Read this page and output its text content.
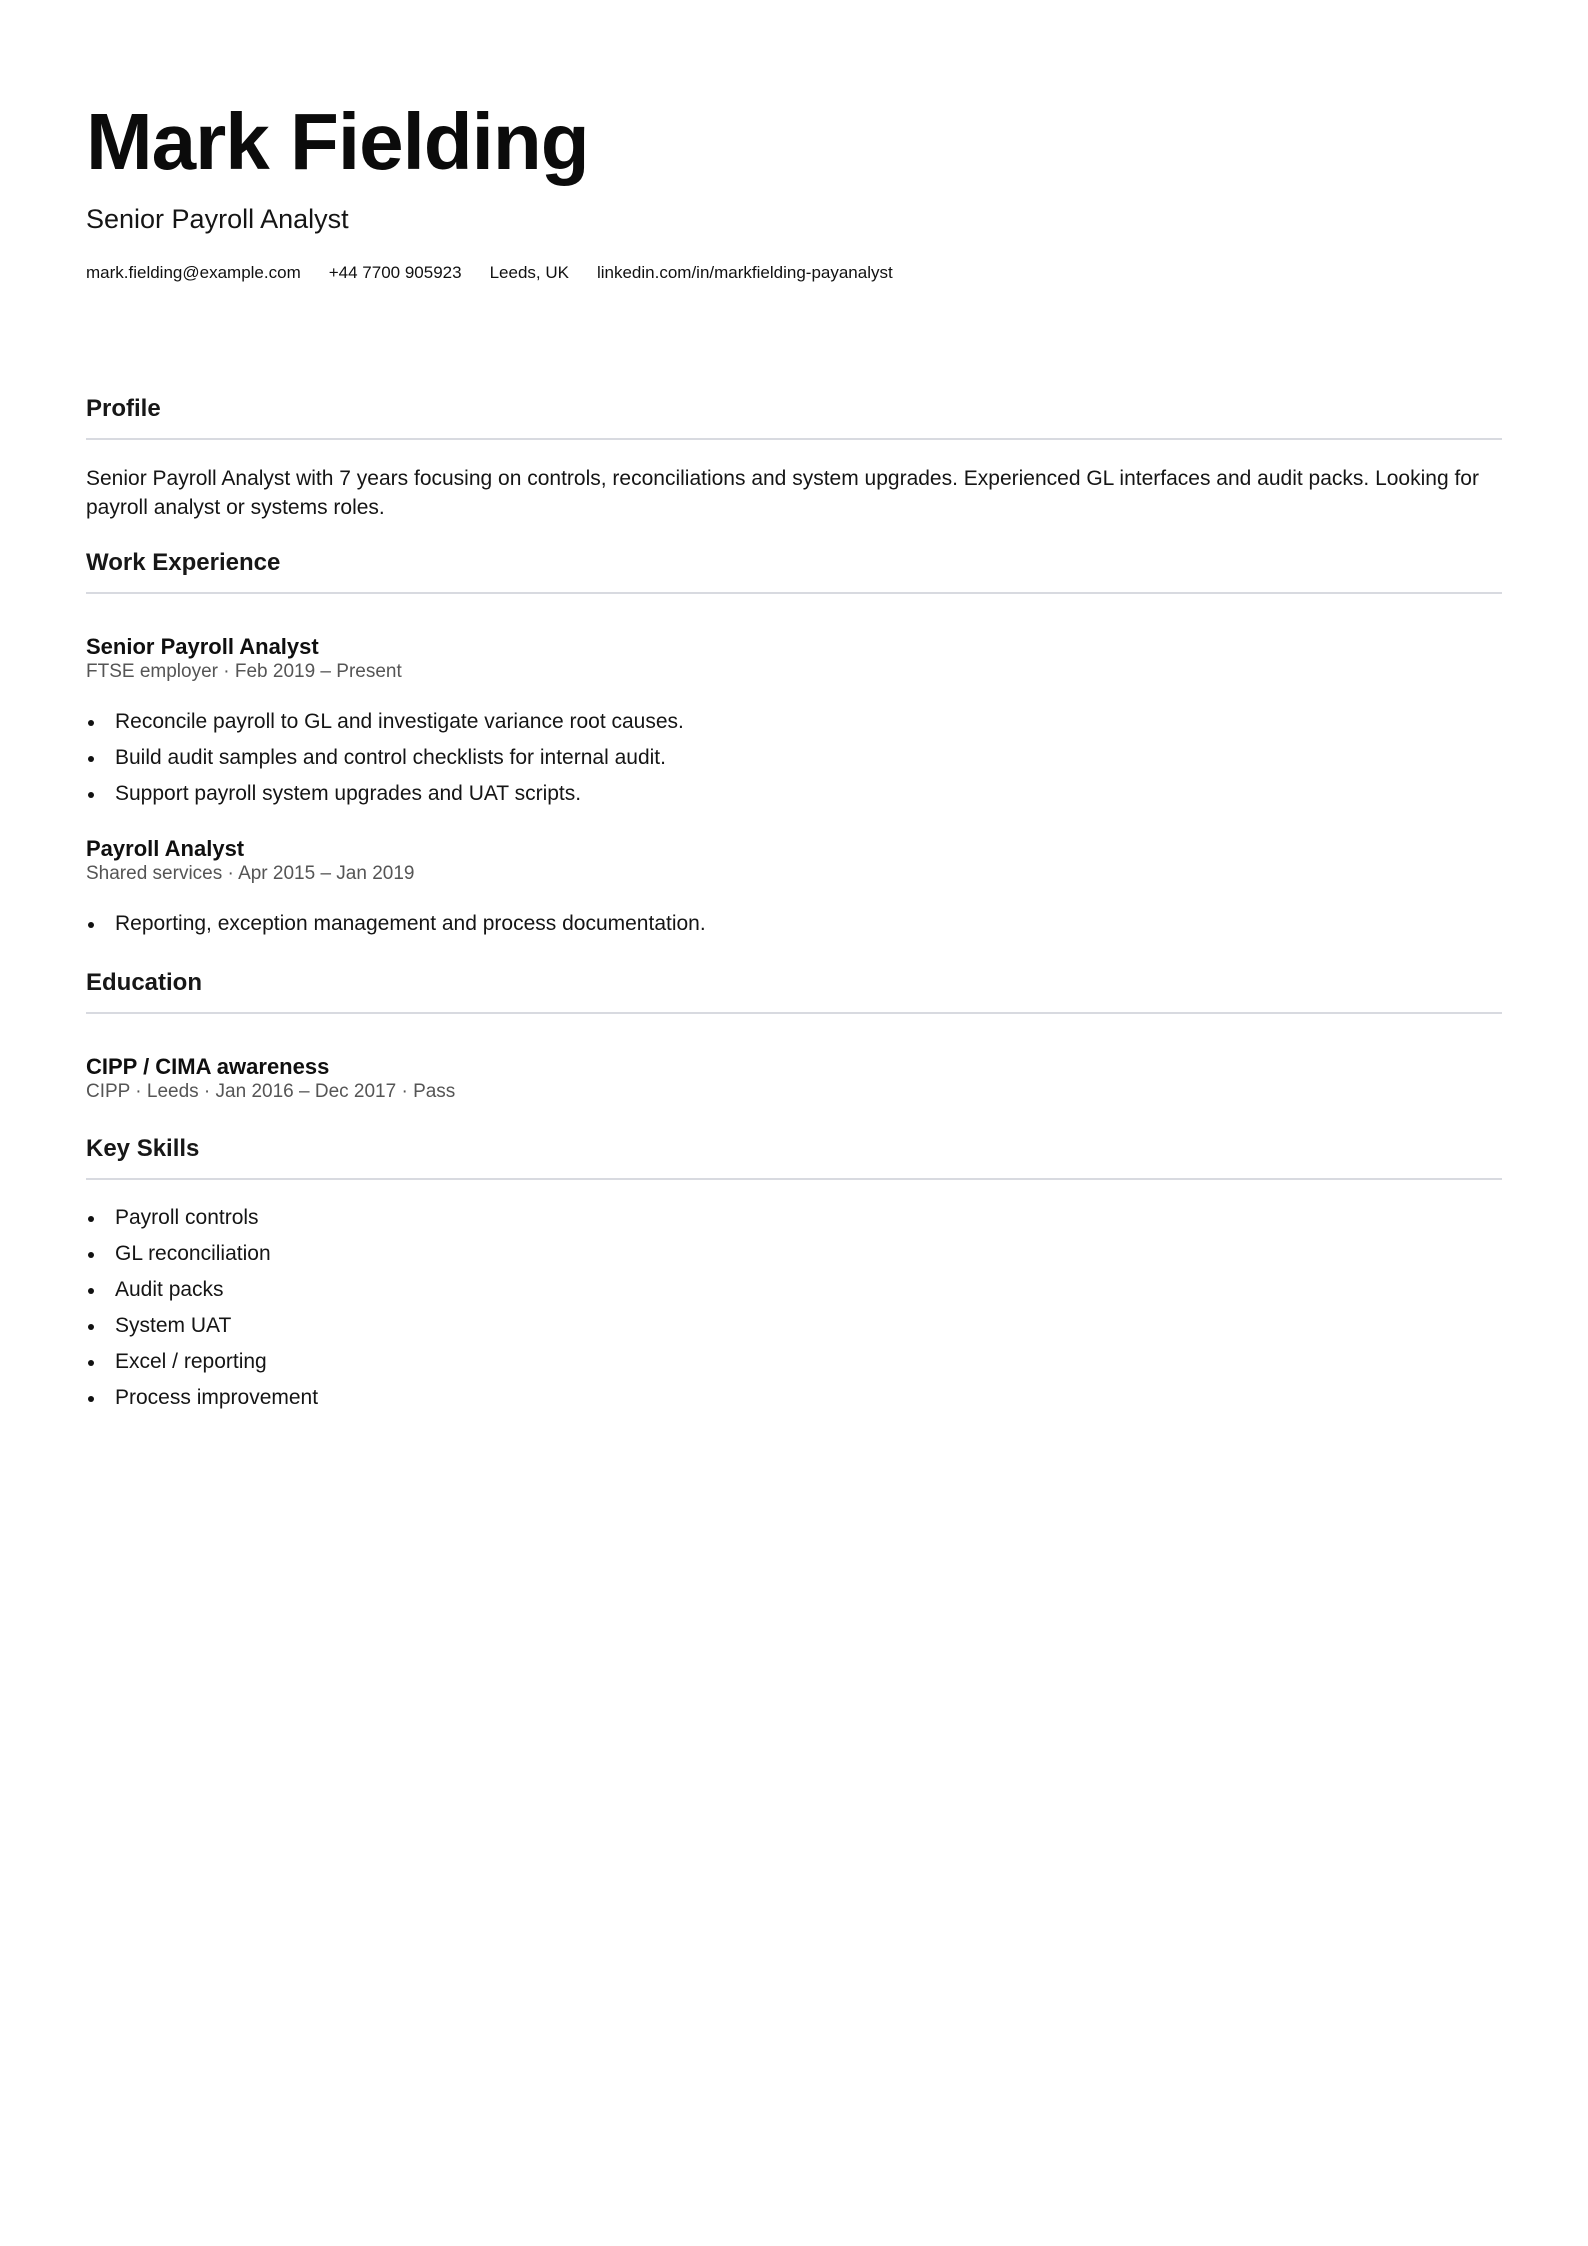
Mark Fielding
Senior Payroll Analyst
mark.fielding@example.com +44 7700 905923 Leeds, UK linkedin.com/in/markfielding-payanalyst
Profile

Senior Payroll Analyst with 7 years focusing on controls, reconciliations and system upgrades. Experienced GL interfaces and audit packs. Looking for payroll analyst or systems roles.

Work Experience
Senior Payroll Analyst
FTSE employer · Feb 2019 – Present
Reconcile payroll to GL and investigate variance root causes.
Build audit samples and control checklists for internal audit.
Support payroll system upgrades and UAT scripts.
Payroll Analyst
Shared services · Apr 2015 – Jan 2019
Reporting, exception management and process documentation.
Education
CIPP / CIMA awareness
CIPP · Leeds · Jan 2016 – Dec 2017 · Pass
Key Skills
Payroll controls
GL reconciliation
Audit packs
System UAT
Excel / reporting
Process improvement
